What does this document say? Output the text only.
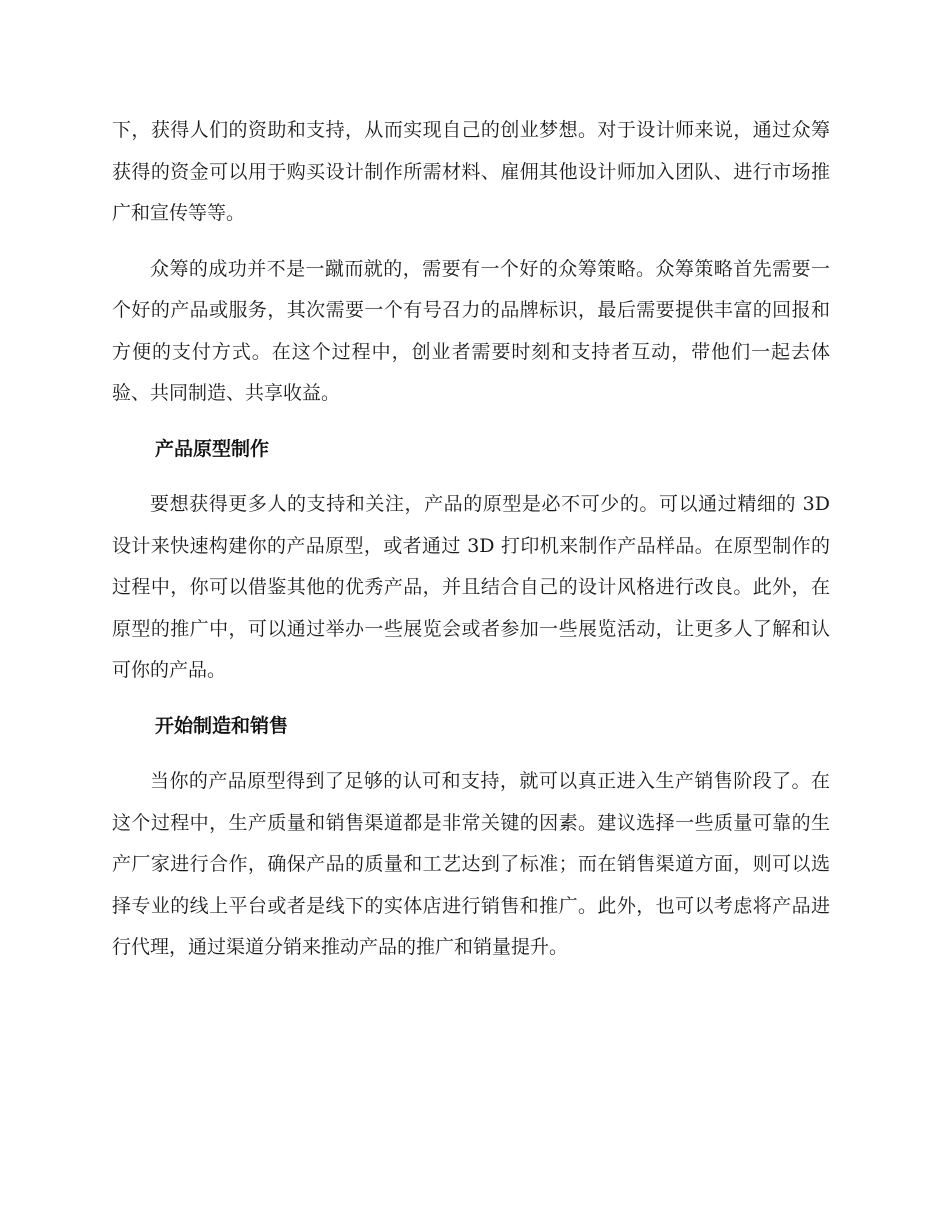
下，获得人们的资助和支持，从而实现自己的创业梦想。对于设计师来说，通过众筹获得的资金可以用于购买设计制作所需材料、雇佣其他设计师加入团队、进行市场推广和宣传等等。

众筹的成功并不是一蹴而就的，需要有一个好的众筹策略。众筹策略首先需要一个好的产品或服务，其次需要一个有号召力的品牌标识，最后需要提供丰富的回报和方便的支付方式。在这个过程中，创业者需要时刻和支持者互动，带他们一起去体验、共同制造、共享收益。

产品原型制作

要想获得更多人的支持和关注，产品的原型是必不可少的。可以通过精细的 3D 设计来快速构建你的产品原型，或者通过 3D 打印机来制作产品样品。在原型制作的过程中，你可以借鉴其他的优秀产品，并且结合自己的设计风格进行改良。此外，在原型的推广中，可以通过举办一些展览会或者参加一些展览活动，让更多人了解和认可你的产品。

开始制造和销售

当你的产品原型得到了足够的认可和支持，就可以真正进入生产销售阶段了。在这个过程中，生产质量和销售渠道都是非常关键的因素。建议选择一些质量可靠的生产厂家进行合作，确保产品的质量和工艺达到了标准；而在销售渠道方面，则可以选择专业的线上平台或者是线下的实体店进行销售和推广。此外，也可以考虑将产品进行代理，通过渠道分销来推动产品的推广和销量提升。
